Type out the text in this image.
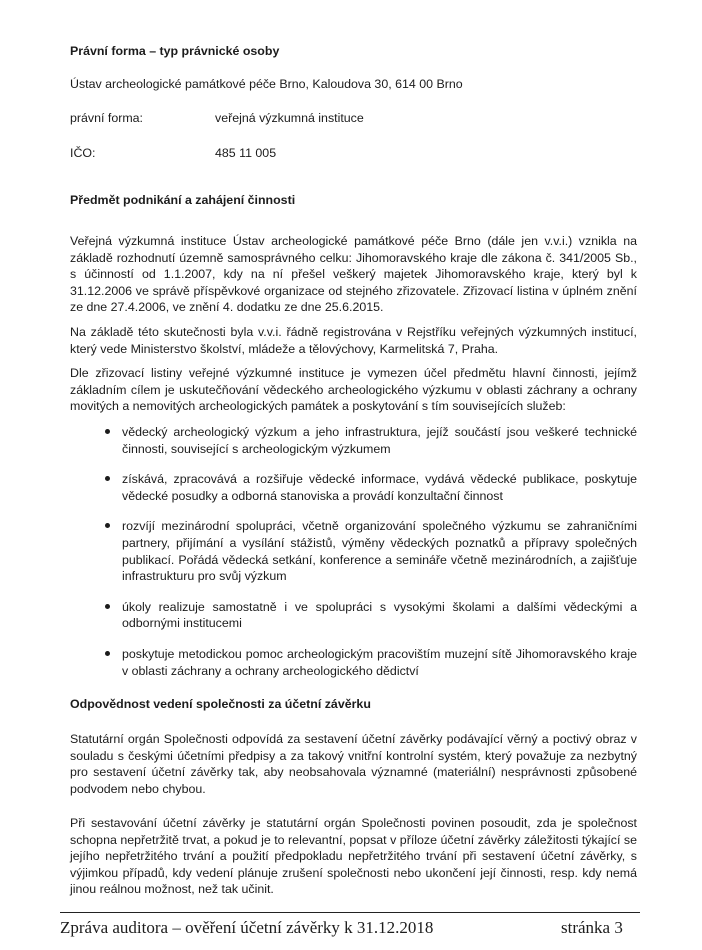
Právní forma – typ právnické osoby
Ústav archeologické památkové péče Brno, Kaloudova 30, 614 00 Brno
právní forma:	veřejná výzkumná instituce
IČO:	485 11 005
Předmět podnikání a zahájení činnosti
Veřejná výzkumná instituce Ústav archeologické památkové péče Brno (dále jen v.v.i.) vznikla na základě rozhodnutí územně samosprávného celku: Jihomoravského kraje dle zákona č. 341/2005 Sb., s účinností od 1.1.2007, kdy na ní přešel veškerý majetek Jihomoravského kraje, který byl k 31.12.2006 ve správě příspěvkové organizace od stejného zřizovatele. Zřizovací listina v úplném znění ze dne 27.4.2006, ve znění 4. dodatku ze dne 25.6.2015.
Na základě této skutečnosti byla v.v.i. řádně registrována v Rejstříku veřejných výzkumných institucí, který vede Ministerstvo školství, mládeže a tělovýchovy, Karmelitská 7, Praha.
Dle zřizovací listiny veřejné výzkumné instituce je vymezen účel předmětu hlavní činnosti, jejímž základním cílem je uskutečňování vědeckého archeologického výzkumu v oblasti záchrany a ochrany movitých a nemovitých archeologických památek a poskytování s tím souvisejících služeb:
vědecký archeologický výzkum a jeho infrastruktura, jejíž součástí jsou veškeré technické činnosti, související s archeologickým výzkumem
získává, zpracovává a rozšiřuje vědecké informace, vydává vědecké publikace, poskytuje vědecké posudky a odborná stanoviska a provádí konzultační činnost
rozvíjí mezinárodní spolupráci, včetně organizování společného výzkumu se zahraničními partnery, přijímání a vysílání stážistů, výměny vědeckých poznatků a přípravy společných publikací. Pořádá vědecká setkání, konference a semináře včetně mezinárodních, a zajišťuje infrastrukturu pro svůj výzkum
úkoly realizuje samostatně i ve spolupráci s vysokými školami a dalšími vědeckými a odbornými institucemi
poskytuje metodickou pomoc archeologickým pracovištím muzejní sítě Jihomoravského kraje v oblasti záchrany a ochrany archeologického dědictví
Odpovědnost vedení společnosti za účetní závěrku
Statutární orgán Společnosti odpovídá za sestavení účetní závěrky podávající věrný a poctivý obraz v souladu s českými účetními předpisy a za takový vnitřní kontrolní systém, který považuje za nezbytný pro sestavení účetní závěrky tak, aby neobsahovala významné (materiální) nesprávnosti způsobené podvodem nebo chybou.
Při sestavování účetní závěrky je statutární orgán Společnosti povinen posoudit, zda je společnost schopna nepřetržitě trvat, a pokud je to relevantní, popsat v příloze účetní závěrky záležitosti týkající se jejího nepřetržitého trvání a použití předpokladu nepřetržitého trvání při sestavení účetní závěrky, s výjimkou případů, kdy vedení plánuje zrušení společnosti nebo ukončení její činnosti, resp. kdy nemá jinou reálnou možnost, než tak učinit.
Zpráva auditora – ověření účetní závěrky k 31.12.2018	stránka 3
